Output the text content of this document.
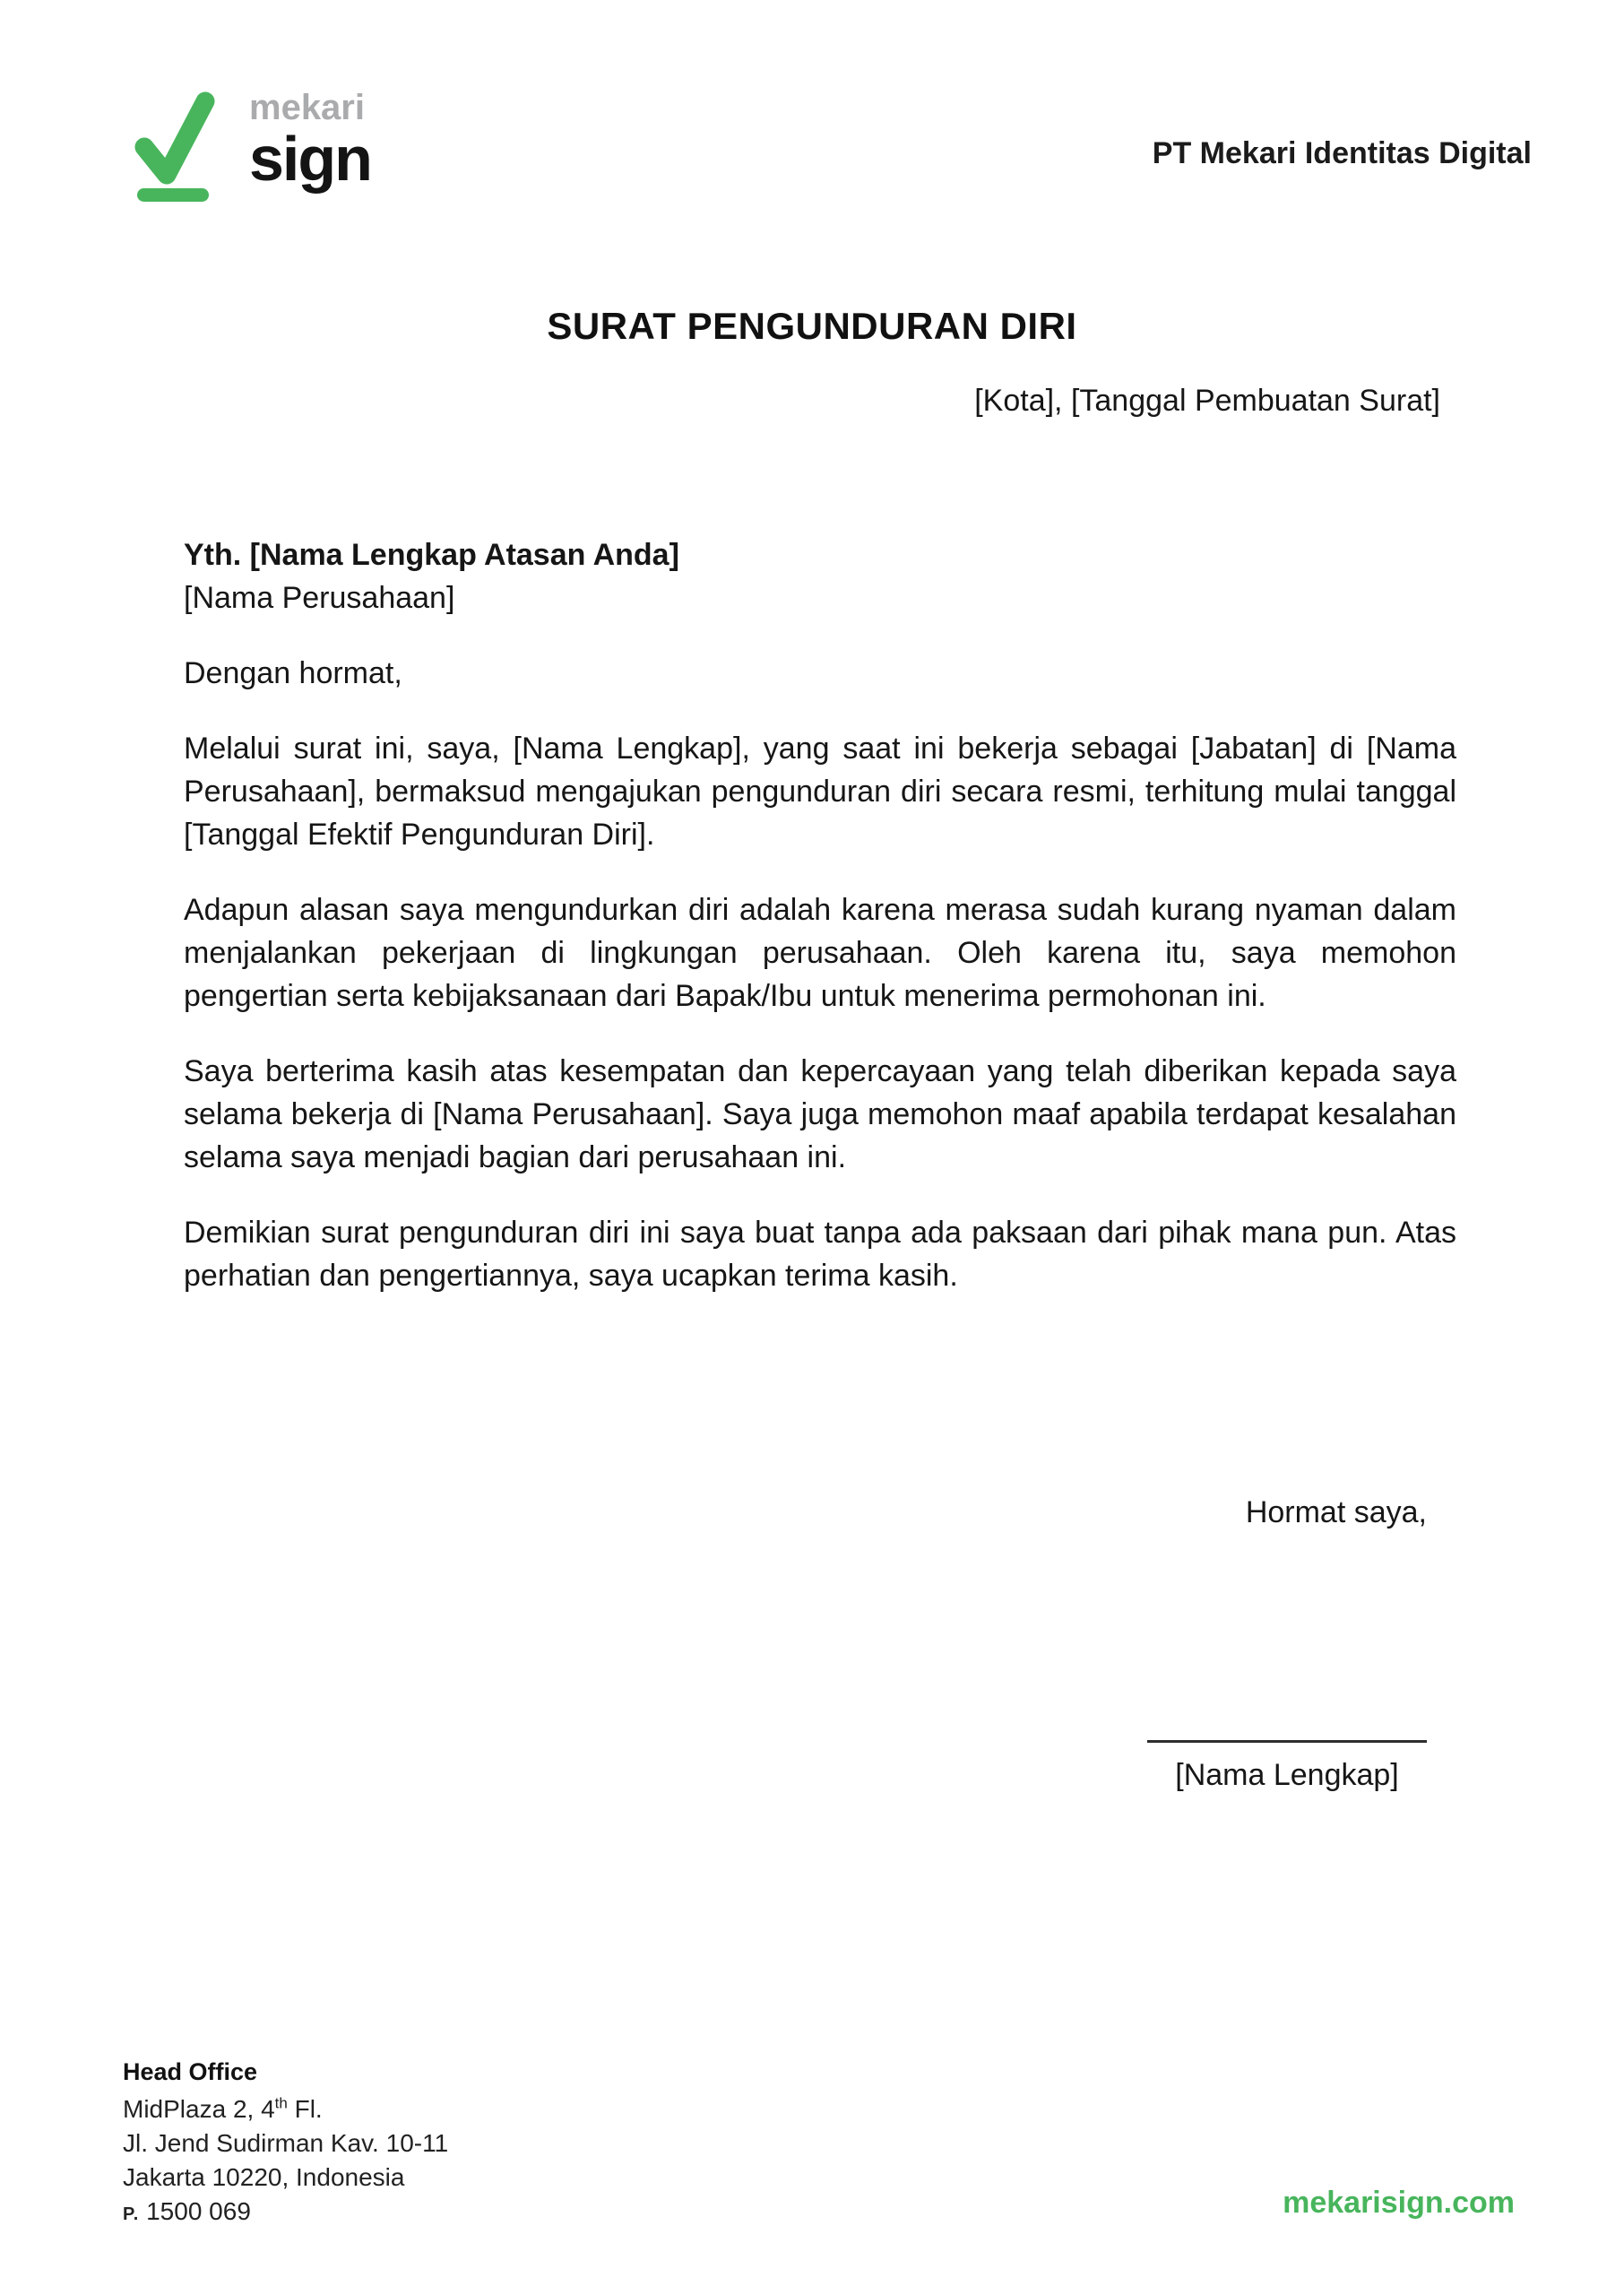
mekari
sign	PT Mekari Identitas Digital
SURAT PENGUNDURAN DIRI
[Kota], [Tanggal Pembuatan Surat]

Yth. [Nama Lengkap Atasan Anda]

[Nama Perusahaan]

Dengan hormat,

Melalui surat ini, saya, [Nama Lengkap], yang saat ini bekerja sebagai [Jabatan] di [Nama Perusahaan], bermaksud mengajukan pengunduran diri secara resmi, terhitung mulai tanggal [Tanggal Efektif Pengunduran Diri].

Adapun alasan saya mengundurkan diri adalah karena merasa sudah kurang nyaman dalam menjalankan pekerjaan di lingkungan perusahaan. Oleh karena itu, saya memohon pengertian serta kebijaksanaan dari Bapak/Ibu untuk menerima permohonan ini.

Saya berterima kasih atas kesempatan dan kepercayaan yang telah diberikan kepada saya selama bekerja di [Nama Perusahaan]. Saya juga memohon maaf apabila terdapat kesalahan selama saya menjadi bagian dari perusahaan ini.

Demikian surat pengunduran diri ini saya buat tanpa ada paksaan dari pihak mana pun. Atas perhatian dan pengertiannya, saya ucapkan terima kasih.

Hormat saya,

[Nama Lengkap]

Head Office

MidPlaza 2, 4th Fl.

Jl. Jend Sudirman Kav. 10-11

Jakarta 10220, Indonesia

P. 1500 069	mekarisign.com
